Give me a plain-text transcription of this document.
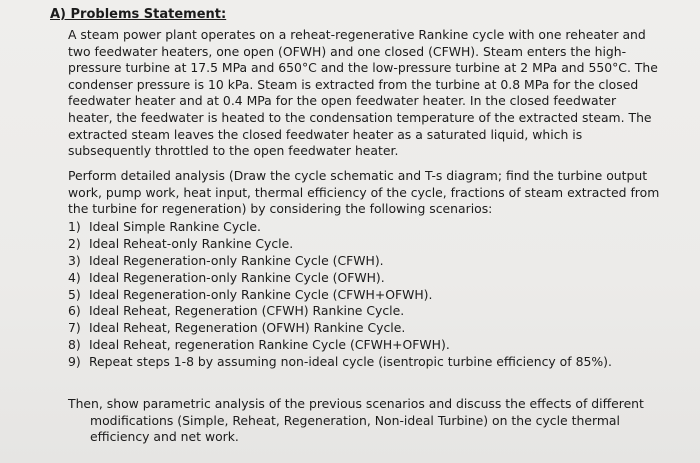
A) Problems Statement:

A steam power plant operates on a reheat-regenerative Rankine cycle with one reheater and two feedwater heaters, one open (OFWH) and one closed (CFWH). Steam enters the high-pressure turbine at 17.5 MPa and 650°C and the low-pressure turbine at 2 MPa and 550°C. The condenser pressure is 10 kPa. Steam is extracted from the turbine at 0.8 MPa for the closed feedwater heater and at 0.4 MPa for the open feedwater heater. In the closed feedwater heater, the feedwater is heated to the condensation temperature of the extracted steam. The extracted steam leaves the closed feedwater heater as a saturated liquid, which is subsequently throttled to the open feedwater heater.

Perform detailed analysis (Draw the cycle schematic and T-s diagram; find the turbine output work, pump work, heat input, thermal efficiency of the cycle, fractions of steam extracted from the turbine for regeneration) by considering the following scenarios:

1) Ideal Simple Rankine Cycle.
2) Ideal Reheat-only Rankine Cycle.
3) Ideal Regeneration-only Rankine Cycle (CFWH).
4) Ideal Regeneration-only Rankine Cycle (OFWH).
5) Ideal Regeneration-only Rankine Cycle (CFWH+OFWH).
6) Ideal Reheat, Regeneration (CFWH) Rankine Cycle.
7) Ideal Reheat, Regeneration (OFWH) Rankine Cycle.
8) Ideal Reheat, regeneration Rankine Cycle (CFWH+OFWH).
9) Repeat steps 1-8 by assuming non-ideal cycle (isentropic turbine efficiency of 85%).

Then, show parametric analysis of the previous scenarios and discuss the effects of different modifications (Simple, Reheat, Regeneration, Non-ideal Turbine) on the cycle thermal efficiency and net work.
